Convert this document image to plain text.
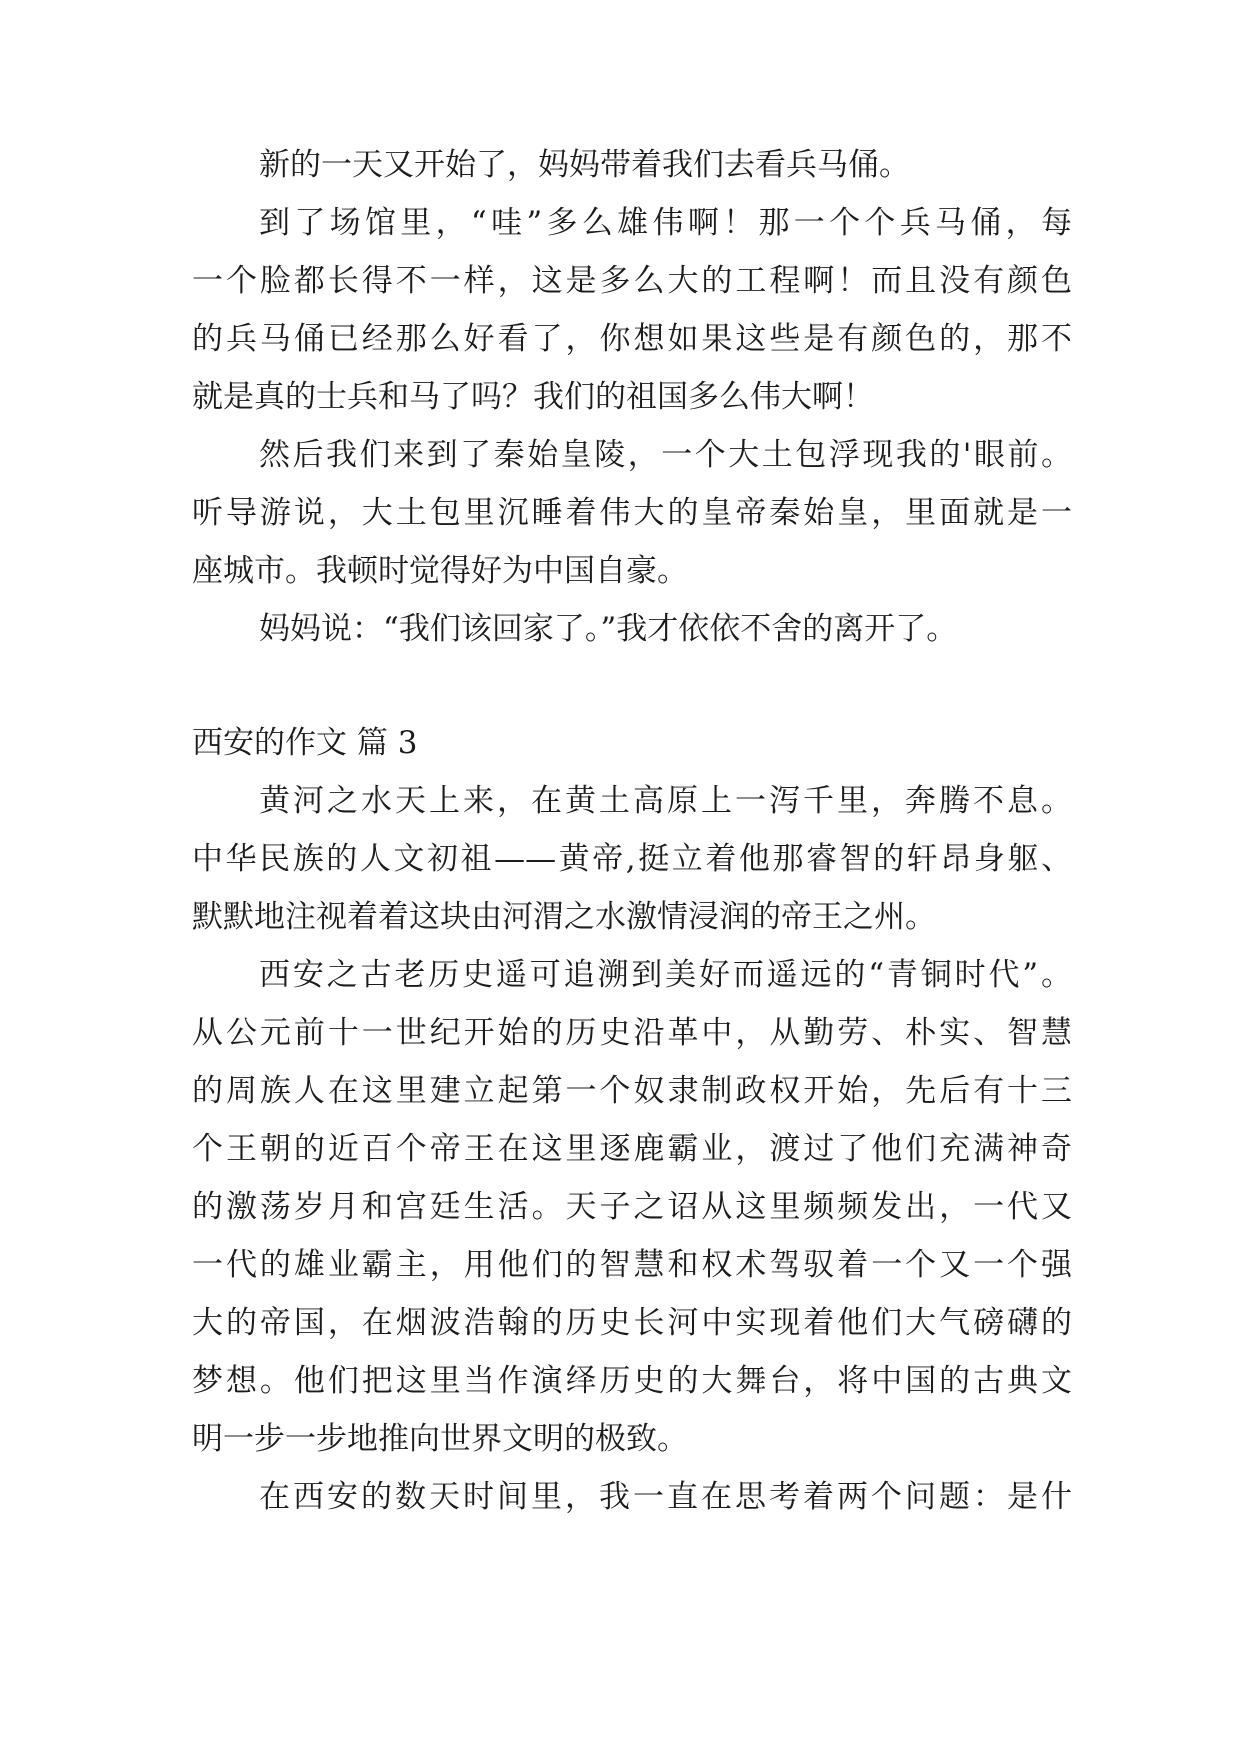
新的一天又开始了，妈妈带着我们去看兵马俑。
到了场馆里，“哇”多么雄伟啊！那一个个兵马俑，每
一个脸都长得不一样，这是多么大的工程啊！而且没有颜色
的兵马俑已经那么好看了，你想如果这些是有颜色的，那不
就是真的士兵和马了吗？我们的祖国多么伟大啊！
然后我们来到了秦始皇陵，一个大土包浮现我的'眼前。
听导游说，大土包里沉睡着伟大的皇帝秦始皇，里面就是一
座城市。我顿时觉得好为中国自豪。
妈妈说：“我们该回家了。”我才依依不舍的离开了。
西安的作文 篇 3
黄河之水天上来，在黄土高原上一泻千里，奔腾不息。
中华民族的人文初祖——黄帝,挺立着他那睿智的轩昂身躯、
默默地注视着着这块由河渭之水激情浸润的帝王之州。
西安之古老历史遥可追溯到美好而遥远的“青铜时代”。
从公元前十一世纪开始的历史沿革中，从勤劳、朴实、智慧
的周族人在这里建立起第一个奴隶制政权开始，先后有十三
个王朝的近百个帝王在这里逐鹿霸业，渡过了他们充满神奇
的激荡岁月和宫廷生活。天子之诏从这里频频发出，一代又
一代的雄业霸主，用他们的智慧和权术驾驭着一个又一个强
大的帝国，在烟波浩翰的历史长河中实现着他们大气磅礴的
梦想。他们把这里当作演绎历史的大舞台，将中国的古典文
明一步一步地推向世界文明的极致。
在西安的数天时间里，我一直在思考着两个问题：是什
